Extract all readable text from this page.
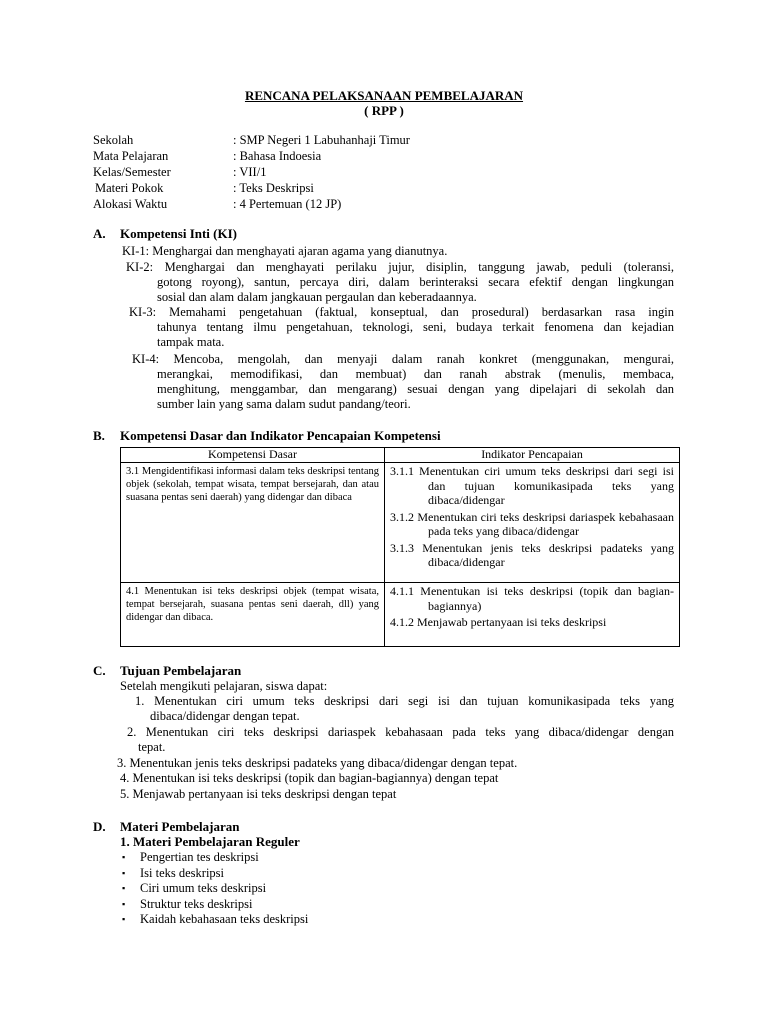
RENCANA PELAKSANAAN PEMBELAJARAN
( RPP )
Sekolah	: SMP Negeri 1 Labuhanhaji Timur
Mata Pelajaran	: Bahasa Indoesia
Kelas/Semester	: VII/1
Materi Pokok	: Teks Deskripsi
Alokasi Waktu	: 4 Pertemuan (12 JP)
A. Kompetensi Inti (KI)
KI-1: Menghargai dan menghayati ajaran agama yang dianutnya.
KI-2: Menghargai dan menghayati perilaku jujur, disiplin, tanggung jawab, peduli (toleransi,
gotong royong), santun, percaya diri, dalam berinteraksi secara efektif dengan lingkungan
sosial dan alam dalam jangkauan pergaulan dan keberadaannya.
KI-3: Memahami pengetahuan (faktual, konseptual, dan prosedural) berdasarkan rasa ingin
tahunya tentang ilmu pengetahuan, teknologi, seni, budaya terkait fenomena dan kejadian
tampak mata.
KI-4: Mencoba, mengolah, dan menyaji dalam ranah konkret (menggunakan, mengurai,
merangkai, memodifikasi, dan membuat) dan ranah abstrak (menulis, membaca,
menghitung, menggambar, dan mengarang) sesuai dengan yang dipelajari di sekolah dan
sumber lain yang sama dalam sudut pandang/teori.
B. Kompetensi Dasar dan Indikator Pencapaian Kompetensi
Kompetensi Dasar	Indikator Pencapaian
3.1 Mengidentifikasi informasi dalam teks deskripsi tentang objek (sekolah, tempat wisata, tempat bersejarah, dan atau suasana pentas seni daerah) yang didengar dan dibaca	3.1.1 Menentukan ciri umum teks deskripsi dari segi isi dan tujuan komunikasipada teks yang dibaca/didengar
3.1.2 Menentukan ciri teks deskripsi dariaspek kebahasaan pada teks yang dibaca/didengar
3.1.3 Menentukan jenis teks deskripsi padateks yang dibaca/didengar

4.1 Menentukan isi teks deskripsi objek (tempat wisata, tempat bersejarah, suasana pentas seni daerah, dll) yang didengar dan dibaca.	4.1.1 Menentukan isi teks deskripsi (topik dan bagian-bagiannya)
4.1.2 Menjawab pertanyaan isi teks deskripsi
C. Tujuan Pembelajaran
Setelah mengikuti pelajaran, siswa dapat:
1. Menentukan ciri umum teks deskripsi dari segi isi dan tujuan komunikasipada teks yang
dibaca/didengar dengan tepat.
2. Menentukan ciri teks deskripsi dariaspek kebahasaan pada teks yang dibaca/didengar dengan
tepat.
3. Menentukan jenis teks deskripsi padateks yang dibaca/didengar dengan tepat.
4. Menentukan isi teks deskripsi (topik dan bagian-bagiannya) dengan tepat
5. Menjawab pertanyaan isi teks deskripsi dengan tepat
D. Materi Pembelajaran
1. Materi Pembelajaran Reguler
▪ Pengertian tes deskripsi
▪ Isi teks deskripsi
▪ Ciri umum teks deskripsi
▪ Struktur teks deskripsi
▪ Kaidah kebahasaan teks deskripsi
